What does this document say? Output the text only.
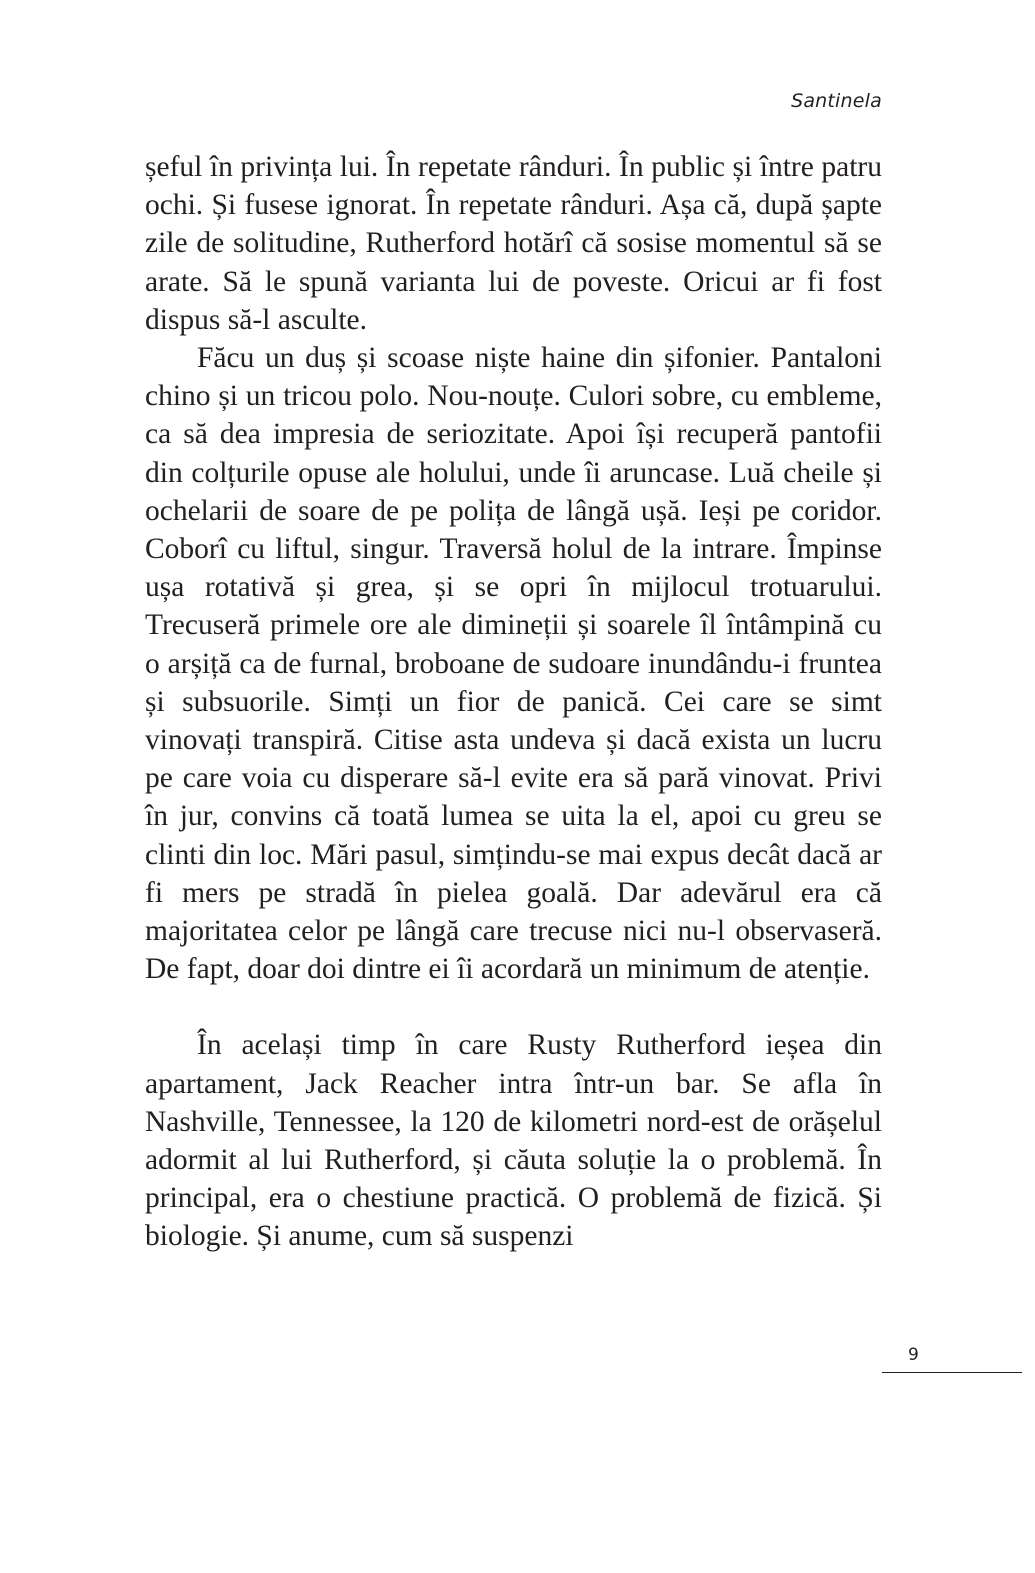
Santinela

șeful în privința lui. În repetate rânduri. În public și între patru ochi. Și fusese ignorat. În repetate rânduri. Așa că, după șapte zile de solitudine, Rutherford hotărî că sosise momentul să se arate. Să le spună varianta lui de poveste. Oricui ar fi fost dispus să-l asculte.

Făcu un duș și scoase niște haine din șifonier. Pantaloni chino și un tricou polo. Nou-nouțe. Culori sobre, cu embleme, ca să dea impresia de seriozitate. Apoi își recuperă pantofii din colțurile opuse ale holului, unde îi aruncase. Luă cheile și ochelarii de soare de pe polița de lângă ușă. Ieși pe coridor. Coborî cu liftul, singur. Traversă holul de la intrare. Împinse ușa rotativă și grea, și se opri în mijlocul trotuarului. Trecuseră primele ore ale dimineții și soarele îl întâmpină cu o arșiță ca de furnal, broboane de sudoare inundându-i fruntea și subsuorile. Simți un fior de panică. Cei care se simt vinovați transpiră. Citise asta undeva și dacă exista un lucru pe care voia cu disperare să-l evite era să pară vinovat. Privi în jur, convins că toată lumea se uita la el, apoi cu greu se clinti din loc. Mări pasul, simțindu-se mai expus decât dacă ar fi mers pe stradă în pielea goală. Dar adevărul era că majoritatea celor pe lângă care trecuse nici nu-l observaseră. De fapt, doar doi dintre ei îi acordară un minimum de atenție.

În același timp în care Rusty Rutherford ieșea din apartament, Jack Reacher intra într-un bar. Se afla în Nashville, Tennessee, la 120 de kilometri nord-est de orășelul adormit al lui Rutherford, și căuta soluție la o problemă. În principal, era o chestiune practică. O problemă de fizică. Și biologie. Și anume, cum să suspenzi

9
